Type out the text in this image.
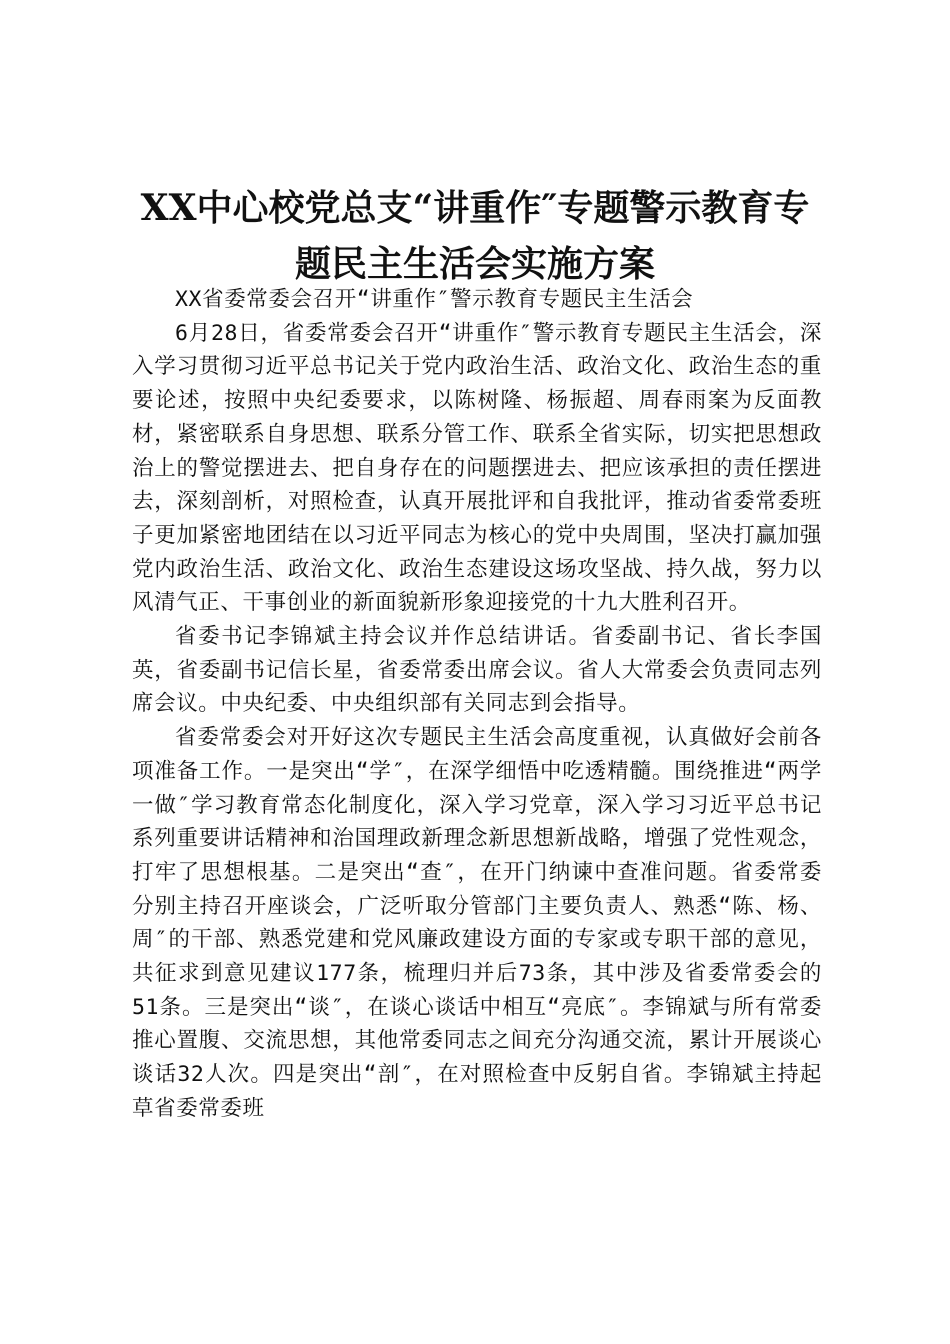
XX中心校党总支“讲重作″专题警示教育专
题民主生活会实施方案

XX省委常委会召开“讲重作″警示教育专题民主生活会

6月28日，省委常委会召开“讲重作″警示教育专题民主生活会，深入学习贯彻习近平总书记关于党内政治生活、政治文化、政治生态的重要论述，按照中央纪委要求，以陈树隆、杨振超、周春雨案为反面教材，紧密联系自身思想、联系分管工作、联系全省实际，切实把思想政治上的警觉摆进去、把自身存在的问题摆进去、把应该承担的责任摆进去，深刻剖析，对照检查，认真开展批评和自我批评，推动省委常委班子更加紧密地团结在以习近平同志为核心的党中央周围，坚决打赢加强党内政治生活、政治文化、政治生态建设这场攻坚战、持久战，努力以风清气正、干事创业的新面貌新形象迎接党的十九大胜利召开。

省委书记李锦斌主持会议并作总结讲话。省委副书记、省长李国英，省委副书记信长星，省委常委出席会议。省人大常委会负责同志列席会议。中央纪委、中央组织部有关同志到会指导。

省委常委会对开好这次专题民主生活会高度重视，认真做好会前各项准备工作。一是突出“学″，在深学细悟中吃透精髓。围绕推进“两学一做″学习教育常态化制度化，深入学习党章，深入学习习近平总书记系列重要讲话精神和治国理政新理念新思想新战略，增强了党性观念，打牢了思想根基。二是突出“查″，在开门纳谏中查准问题。省委常委分别主持召开座谈会，广泛听取分管部门主要负责人、熟悉“陈、杨、周″的干部、熟悉党建和党风廉政建设方面的专家或专职干部的意见，共征求到意见建议177条，梳理归并后73条，其中涉及省委常委会的51条。三是突出“谈″，在谈心谈话中相互“亮底″。李锦斌与所有常委推心置腹、交流思想，其他常委同志之间充分沟通交流，累计开展谈心谈话32人次。四是突出“剖″，在对照检查中反躬自省。李锦斌主持起草省委常委班
